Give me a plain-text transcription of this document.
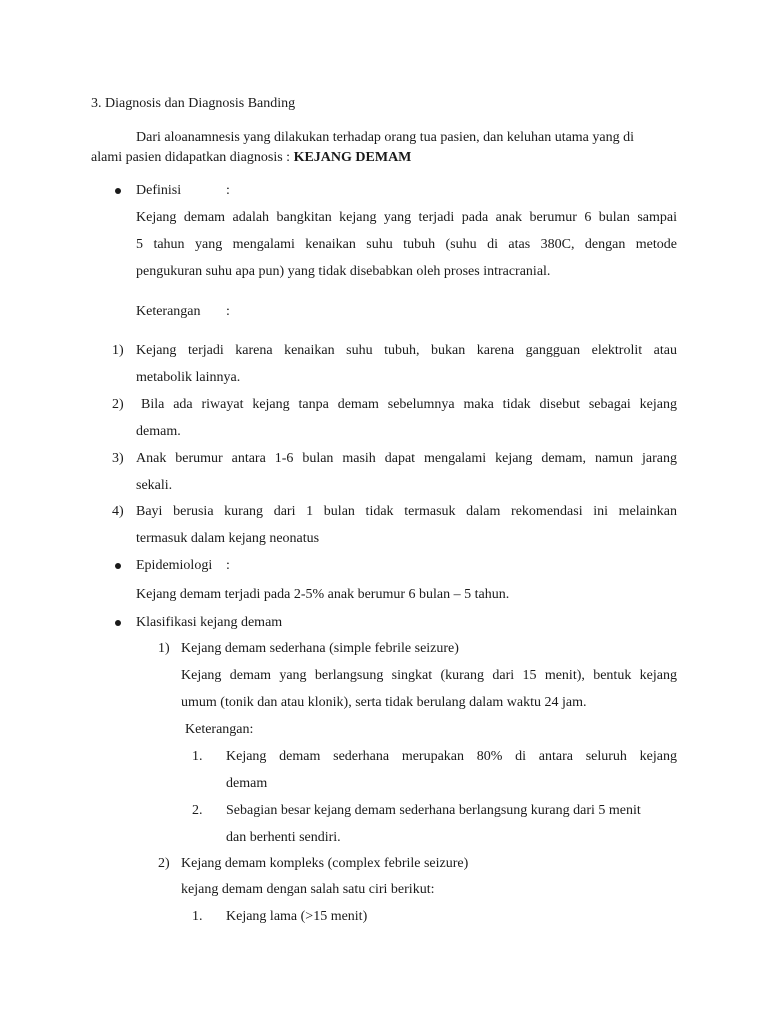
3. Diagnosis dan Diagnosis Banding
Dari aloanamnesis yang dilakukan terhadap orang tua pasien, dan keluhan utama yang di
alami pasien didapatkan diagnosis : KEJANG DEMAM
Definisi	:
Kejang demam adalah bangkitan kejang yang terjadi pada anak berumur 6 bulan sampai
5 tahun yang mengalami kenaikan suhu tubuh (suhu di atas 380C, dengan metode
pengukuran suhu apa pun) yang tidak disebabkan oleh proses intracranial.
Keterangan :
1) Kejang terjadi karena kenaikan suhu tubuh, bukan karena gangguan elektrolit atau
metabolik lainnya.
2) Bila ada riwayat kejang tanpa demam sebelumnya maka tidak disebut sebagai kejang
demam.
3) Anak berumur antara 1-6 bulan masih dapat mengalami kejang demam, namun jarang
sekali.
4) Bayi berusia kurang dari 1 bulan tidak termasuk dalam rekomendasi ini melainkan
termasuk dalam kejang neonatus
Epidemiologi :
Kejang demam terjadi pada 2-5% anak berumur 6 bulan – 5 tahun.
Klasifikasi kejang demam
1) Kejang demam sederhana (simple febrile seizure)
Kejang demam yang berlangsung singkat (kurang dari 15 menit), bentuk kejang
umum (tonik dan atau klonik), serta tidak berulang dalam waktu 24 jam.
Keterangan:
1. Kejang demam sederhana merupakan 80% di antara seluruh kejang
demam
2. Sebagian besar kejang demam sederhana berlangsung kurang dari 5 menit
dan berhenti sendiri.
2) Kejang demam kompleks (complex febrile seizure)
kejang demam dengan salah satu ciri berikut:
1. Kejang lama (>15 menit)
